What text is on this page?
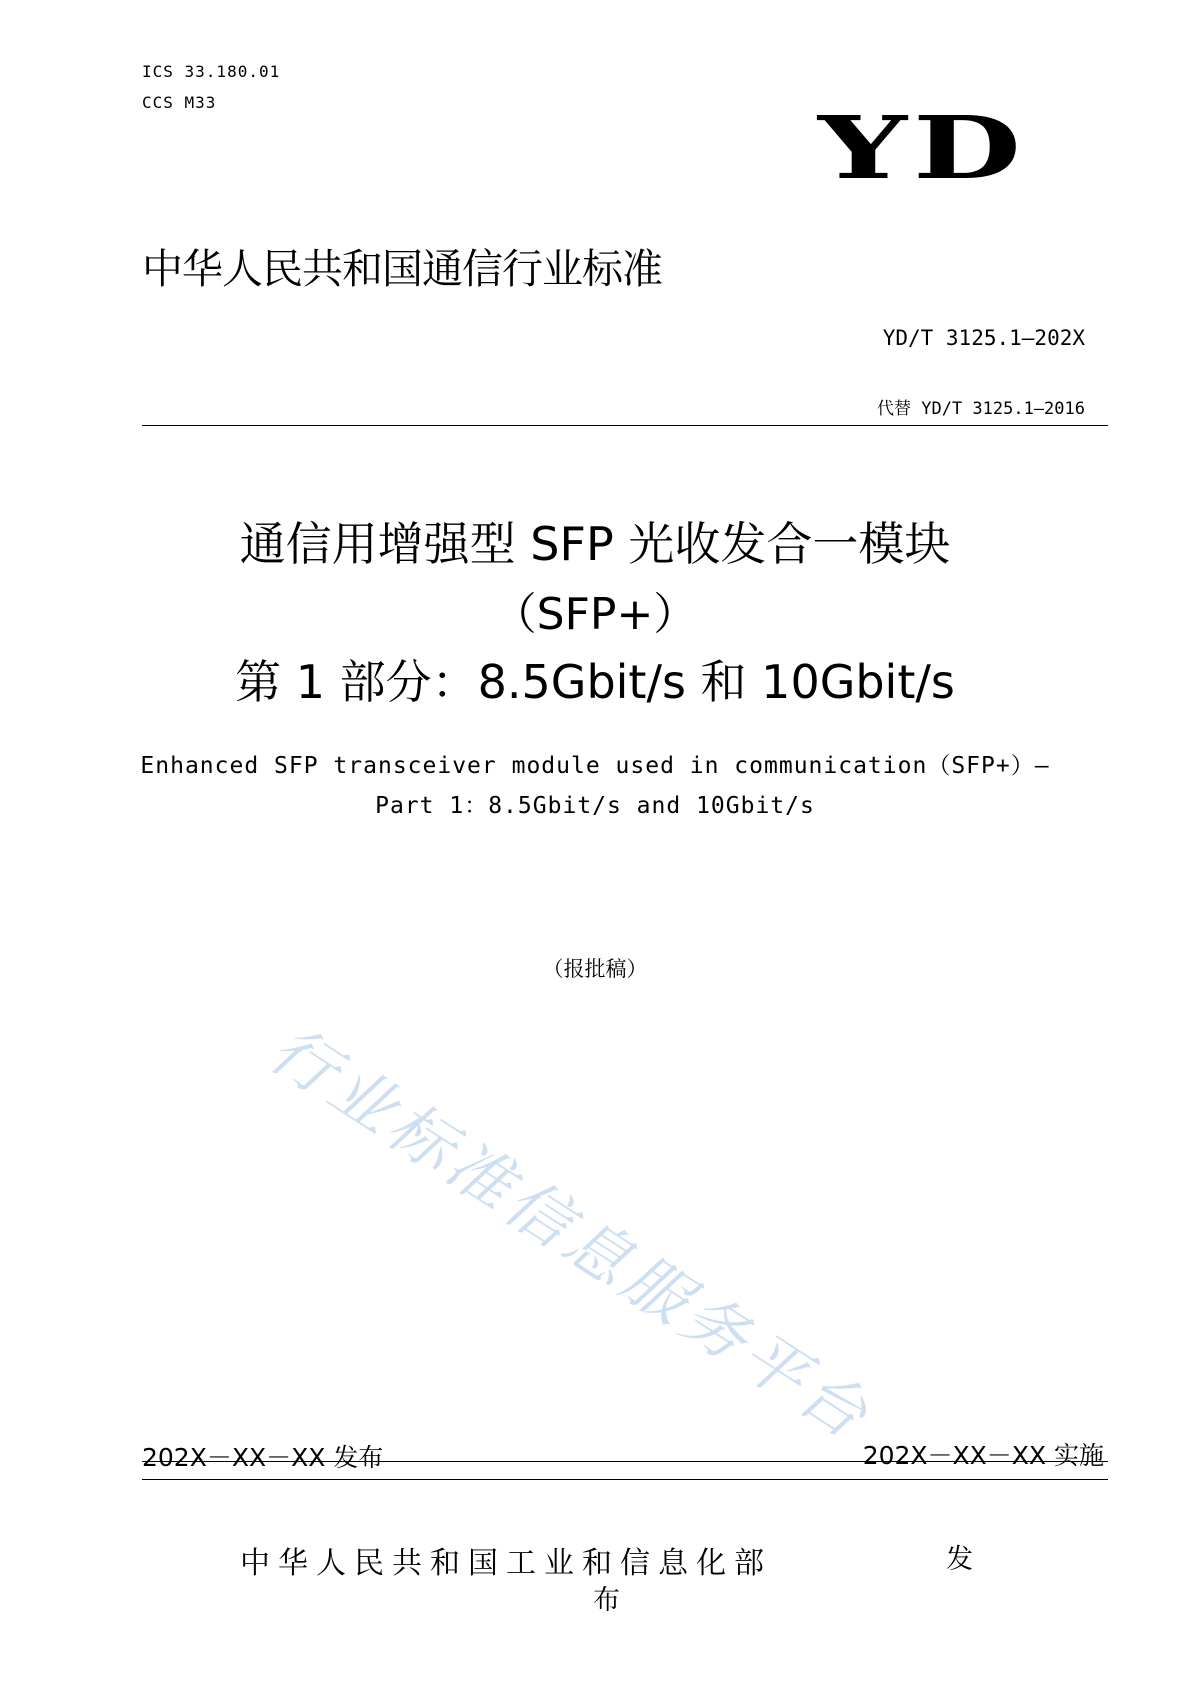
ICS 33.180.01
CCS M33	YD
中华人民共和国通信行业标准
YD/T 3125.1—202X
代替 YD/T 3125.1—2016
通信用增强型 SFP 光收发合一模块
（SFP+）
第 1 部分：8.5Gbit/s 和 10Gbit/s
Enhanced SFP transceiver module used in communication（SFP+）—
Part 1：8.5Gbit/s and 10Gbit/s
（报批稿）
行业标准信息服务平台
202X－XX－XX 发布	202X－XX－XX 实施
中华人民共和国工业和信息化部	发
布
